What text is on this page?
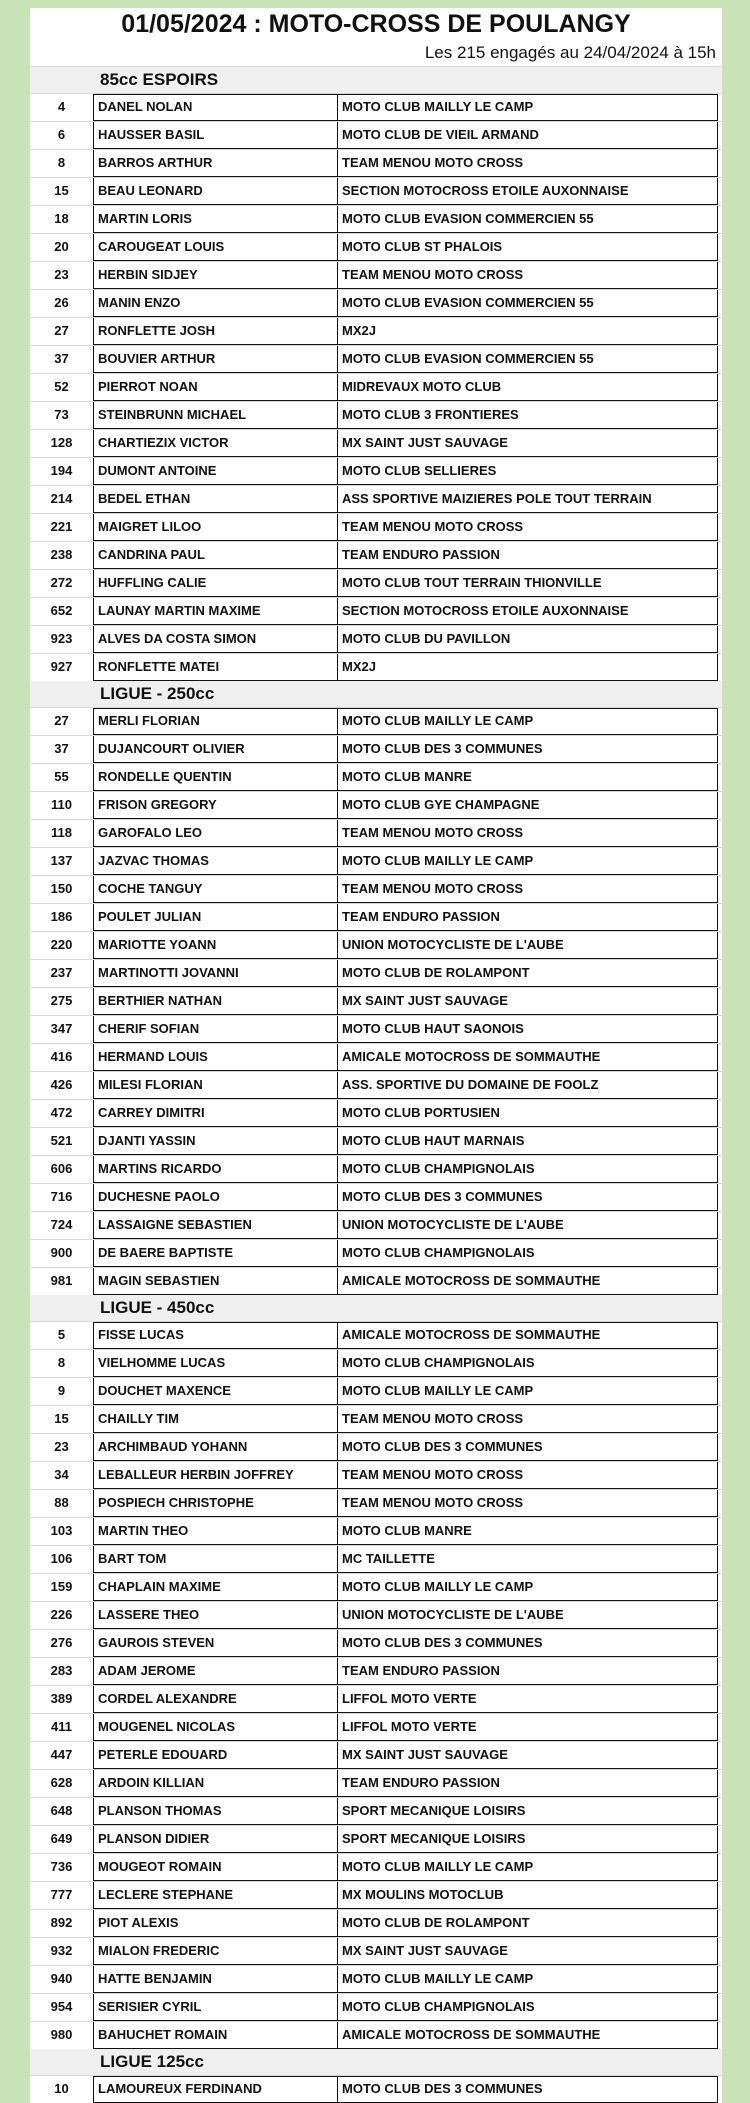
01/05/2024 : MOTO-CROSS DE POULANGY
Les 215 engagés au 24/04/2024 à 15h
85cc ESPOIRS
4	DANEL NOLAN	MOTO CLUB MAILLY LE CAMP
6	HAUSSER BASIL	MOTO CLUB DE VIEIL ARMAND
8	BARROS ARTHUR	TEAM MENOU MOTO CROSS
15	BEAU LEONARD	SECTION MOTOCROSS ETOILE AUXONNAISE
18	MARTIN LORIS	MOTO CLUB EVASION COMMERCIEN 55
20	CAROUGEAT LOUIS	MOTO CLUB ST PHALOIS
23	HERBIN SIDJEY	TEAM MENOU MOTO CROSS
26	MANIN ENZO	MOTO CLUB EVASION COMMERCIEN 55
27	RONFLETTE JOSH	MX2J
37	BOUVIER ARTHUR	MOTO CLUB EVASION COMMERCIEN 55
52	PIERROT NOAN	MIDREVAUX MOTO CLUB
73	STEINBRUNN MICHAEL	MOTO CLUB 3 FRONTIERES
128	CHARTIEZIX VICTOR	MX SAINT JUST SAUVAGE
194	DUMONT ANTOINE	MOTO CLUB SELLIERES
214	BEDEL ETHAN	ASS SPORTIVE MAIZIERES POLE TOUT TERRAIN
221	MAIGRET LILOO	TEAM MENOU MOTO CROSS
238	CANDRINA PAUL	TEAM ENDURO PASSION
272	HUFFLING CALIE	MOTO CLUB TOUT TERRAIN THIONVILLE
652	LAUNAY MARTIN MAXIME	SECTION MOTOCROSS ETOILE AUXONNAISE
923	ALVES DA COSTA SIMON	MOTO CLUB DU PAVILLON
927	RONFLETTE MATEI	MX2J
LIGUE - 250cc
27	MERLI FLORIAN	MOTO CLUB MAILLY LE CAMP
37	DUJANCOURT OLIVIER	MOTO CLUB DES 3 COMMUNES
55	RONDELLE QUENTIN	MOTO CLUB MANRE
110	FRISON GREGORY	MOTO CLUB GYE CHAMPAGNE
118	GAROFALO LEO	TEAM MENOU MOTO CROSS
137	JAZVAC THOMAS	MOTO CLUB MAILLY LE CAMP
150	COCHE TANGUY	TEAM MENOU MOTO CROSS
186	POULET JULIAN	TEAM ENDURO PASSION
220	MARIOTTE YOANN	UNION MOTOCYCLISTE DE L'AUBE
237	MARTINOTTI JOVANNI	MOTO CLUB DE ROLAMPONT
275	BERTHIER NATHAN	MX SAINT JUST SAUVAGE
347	CHERIF SOFIAN	MOTO CLUB HAUT SAONOIS
416	HERMAND LOUIS	AMICALE MOTOCROSS DE SOMMAUTHE
426	MILESI FLORIAN	ASS. SPORTIVE DU DOMAINE DE FOOLZ
472	CARREY DIMITRI	MOTO CLUB PORTUSIEN
521	DJANTI YASSIN	MOTO CLUB HAUT MARNAIS
606	MARTINS RICARDO	MOTO CLUB CHAMPIGNOLAIS
716	DUCHESNE PAOLO	MOTO CLUB DES 3 COMMUNES
724	LASSAIGNE SEBASTIEN	UNION MOTOCYCLISTE DE L'AUBE
900	DE BAERE BAPTISTE	MOTO CLUB CHAMPIGNOLAIS
981	MAGIN SEBASTIEN	AMICALE MOTOCROSS DE SOMMAUTHE
LIGUE - 450cc
5	FISSE LUCAS	AMICALE MOTOCROSS DE SOMMAUTHE
8	VIELHOMME LUCAS	MOTO CLUB CHAMPIGNOLAIS
9	DOUCHET MAXENCE	MOTO CLUB MAILLY LE CAMP
15	CHAILLY TIM	TEAM MENOU MOTO CROSS
23	ARCHIMBAUD YOHANN	MOTO CLUB DES 3 COMMUNES
34	LEBALLEUR HERBIN JOFFREY	TEAM MENOU MOTO CROSS
88	POSPIECH CHRISTOPHE	TEAM MENOU MOTO CROSS
103	MARTIN THEO	MOTO CLUB MANRE
106	BART TOM	MC TAILLETTE
159	CHAPLAIN MAXIME	MOTO CLUB MAILLY LE CAMP
226	LASSERE THEO	UNION MOTOCYCLISTE DE L'AUBE
276	GAUROIS STEVEN	MOTO CLUB DES 3 COMMUNES
283	ADAM JEROME	TEAM ENDURO PASSION
389	CORDEL ALEXANDRE	LIFFOL MOTO VERTE
411	MOUGENEL NICOLAS	LIFFOL MOTO VERTE
447	PETERLE EDOUARD	MX SAINT JUST SAUVAGE
628	ARDOIN KILLIAN	TEAM ENDURO PASSION
648	PLANSON THOMAS	SPORT MECANIQUE LOISIRS
649	PLANSON DIDIER	SPORT MECANIQUE LOISIRS
736	MOUGEOT ROMAIN	MOTO CLUB MAILLY LE CAMP
777	LECLERE STEPHANE	MX MOULINS MOTOCLUB
892	PIOT ALEXIS	MOTO CLUB DE ROLAMPONT
932	MIALON FREDERIC	MX SAINT JUST SAUVAGE
940	HATTE BENJAMIN	MOTO CLUB MAILLY LE CAMP
954	SERISIER CYRIL	MOTO CLUB CHAMPIGNOLAIS
980	BAHUCHET ROMAIN	AMICALE MOTOCROSS DE SOMMAUTHE
LIGUE 125cc
10	LAMOUREUX FERDINAND	MOTO CLUB DES 3 COMMUNES
